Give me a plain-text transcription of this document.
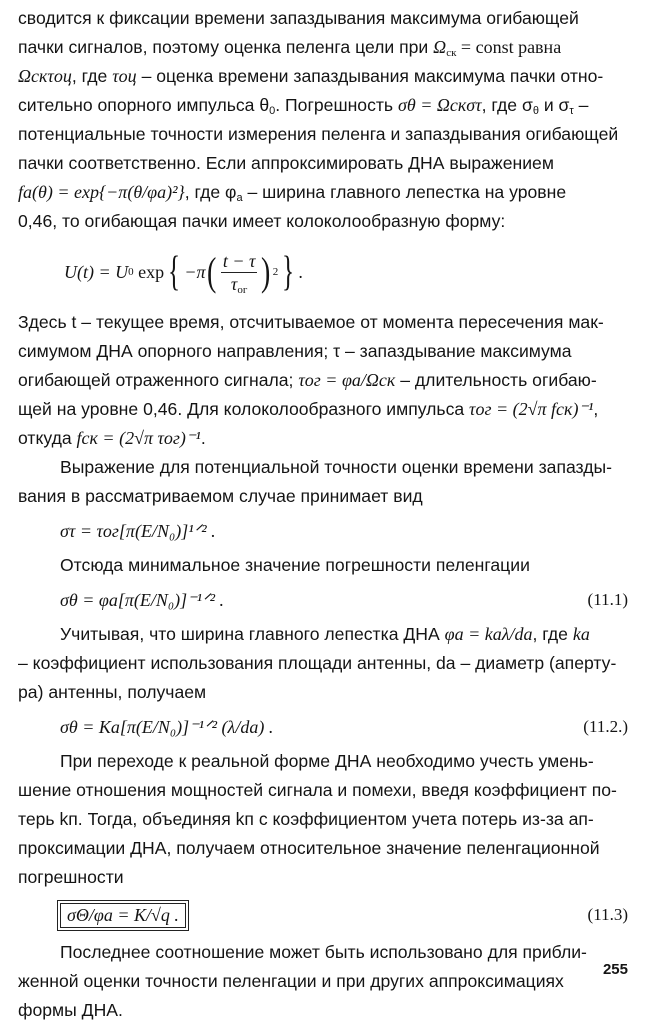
сводится к фиксации времени запаздывания максимума огибающей
пачки сигналов, поэтому оценка пеленга цели при $\Omega_{ск}$ = const равна
Ωскτоц, где τоц – оценка времени запаздывания максимума пачки отно-
сительно опорного импульса $\theta_0$. Погрешность σθ = Ωскστ, где $\sigma_\theta$ и $\sigma_\tau$ –
потенциальные точности измерения пеленга и запаздывания огибающей
пачки соответственно. Если аппроксимировать ДНА выражением
fа(θ) = exp{−π(θ/φа)²}, где $\varphi_а$ – ширина главного лепестка на уровне
0,46, то огибающая пачки имеет колоколообразную форму:
U(t) = U 0
exp { −π ( $\frac{t - \tau}{\tau_{ог}}$ ) 2 } .
Здесь t – текущее время, отсчитываемое от момента пересечения мак-
симумом ДНА опорного направления; τ – запаздывание максимума
огибающей отраженного сигнала; τог = φа/Ωск – длительность огибаю-
щей на уровне 0,46. Для колоколообразного импульса τог = (2√π fск)⁻¹,
откуда fск = (2√π τог)⁻¹.
Выражение для потенциальной точности оценки времени запазды-
вания в рассматриваемом случае принимает вид
στ = τог[π(E/N₀)]¹ᐟ² .
Отсюда минимальное значение погрешности пеленгации
σθ = φа[π(E/N₀)]⁻¹ᐟ² .	(11.1)
Учитывая, что ширина главного лепестка ДНА φа = kаλ/dа, где kа
– коэффициент использования площади антенны, dа – диаметр (аперту-
ра) антенны, получаем
σθ = Kа[π(E/N₀)]⁻¹ᐟ² (λ/dа) .	(11.2.)
При переходе к реальной форме ДНА необходимо учесть умень-
шение отношения мощностей сигнала и помехи, введя коэффициент по-
терь kп. Тогда, объединяя kп с коэффициентом учета потерь из-за ап-
проксимации ДНА, получаем относительное значение пеленгационной
погрешности
σΘ/φa = K/√q .	(11.3)
Последнее соотношение может быть использовано для прибли-
женной оценки точности пеленгации и при других аппроксимациях
формы ДНА.
255
